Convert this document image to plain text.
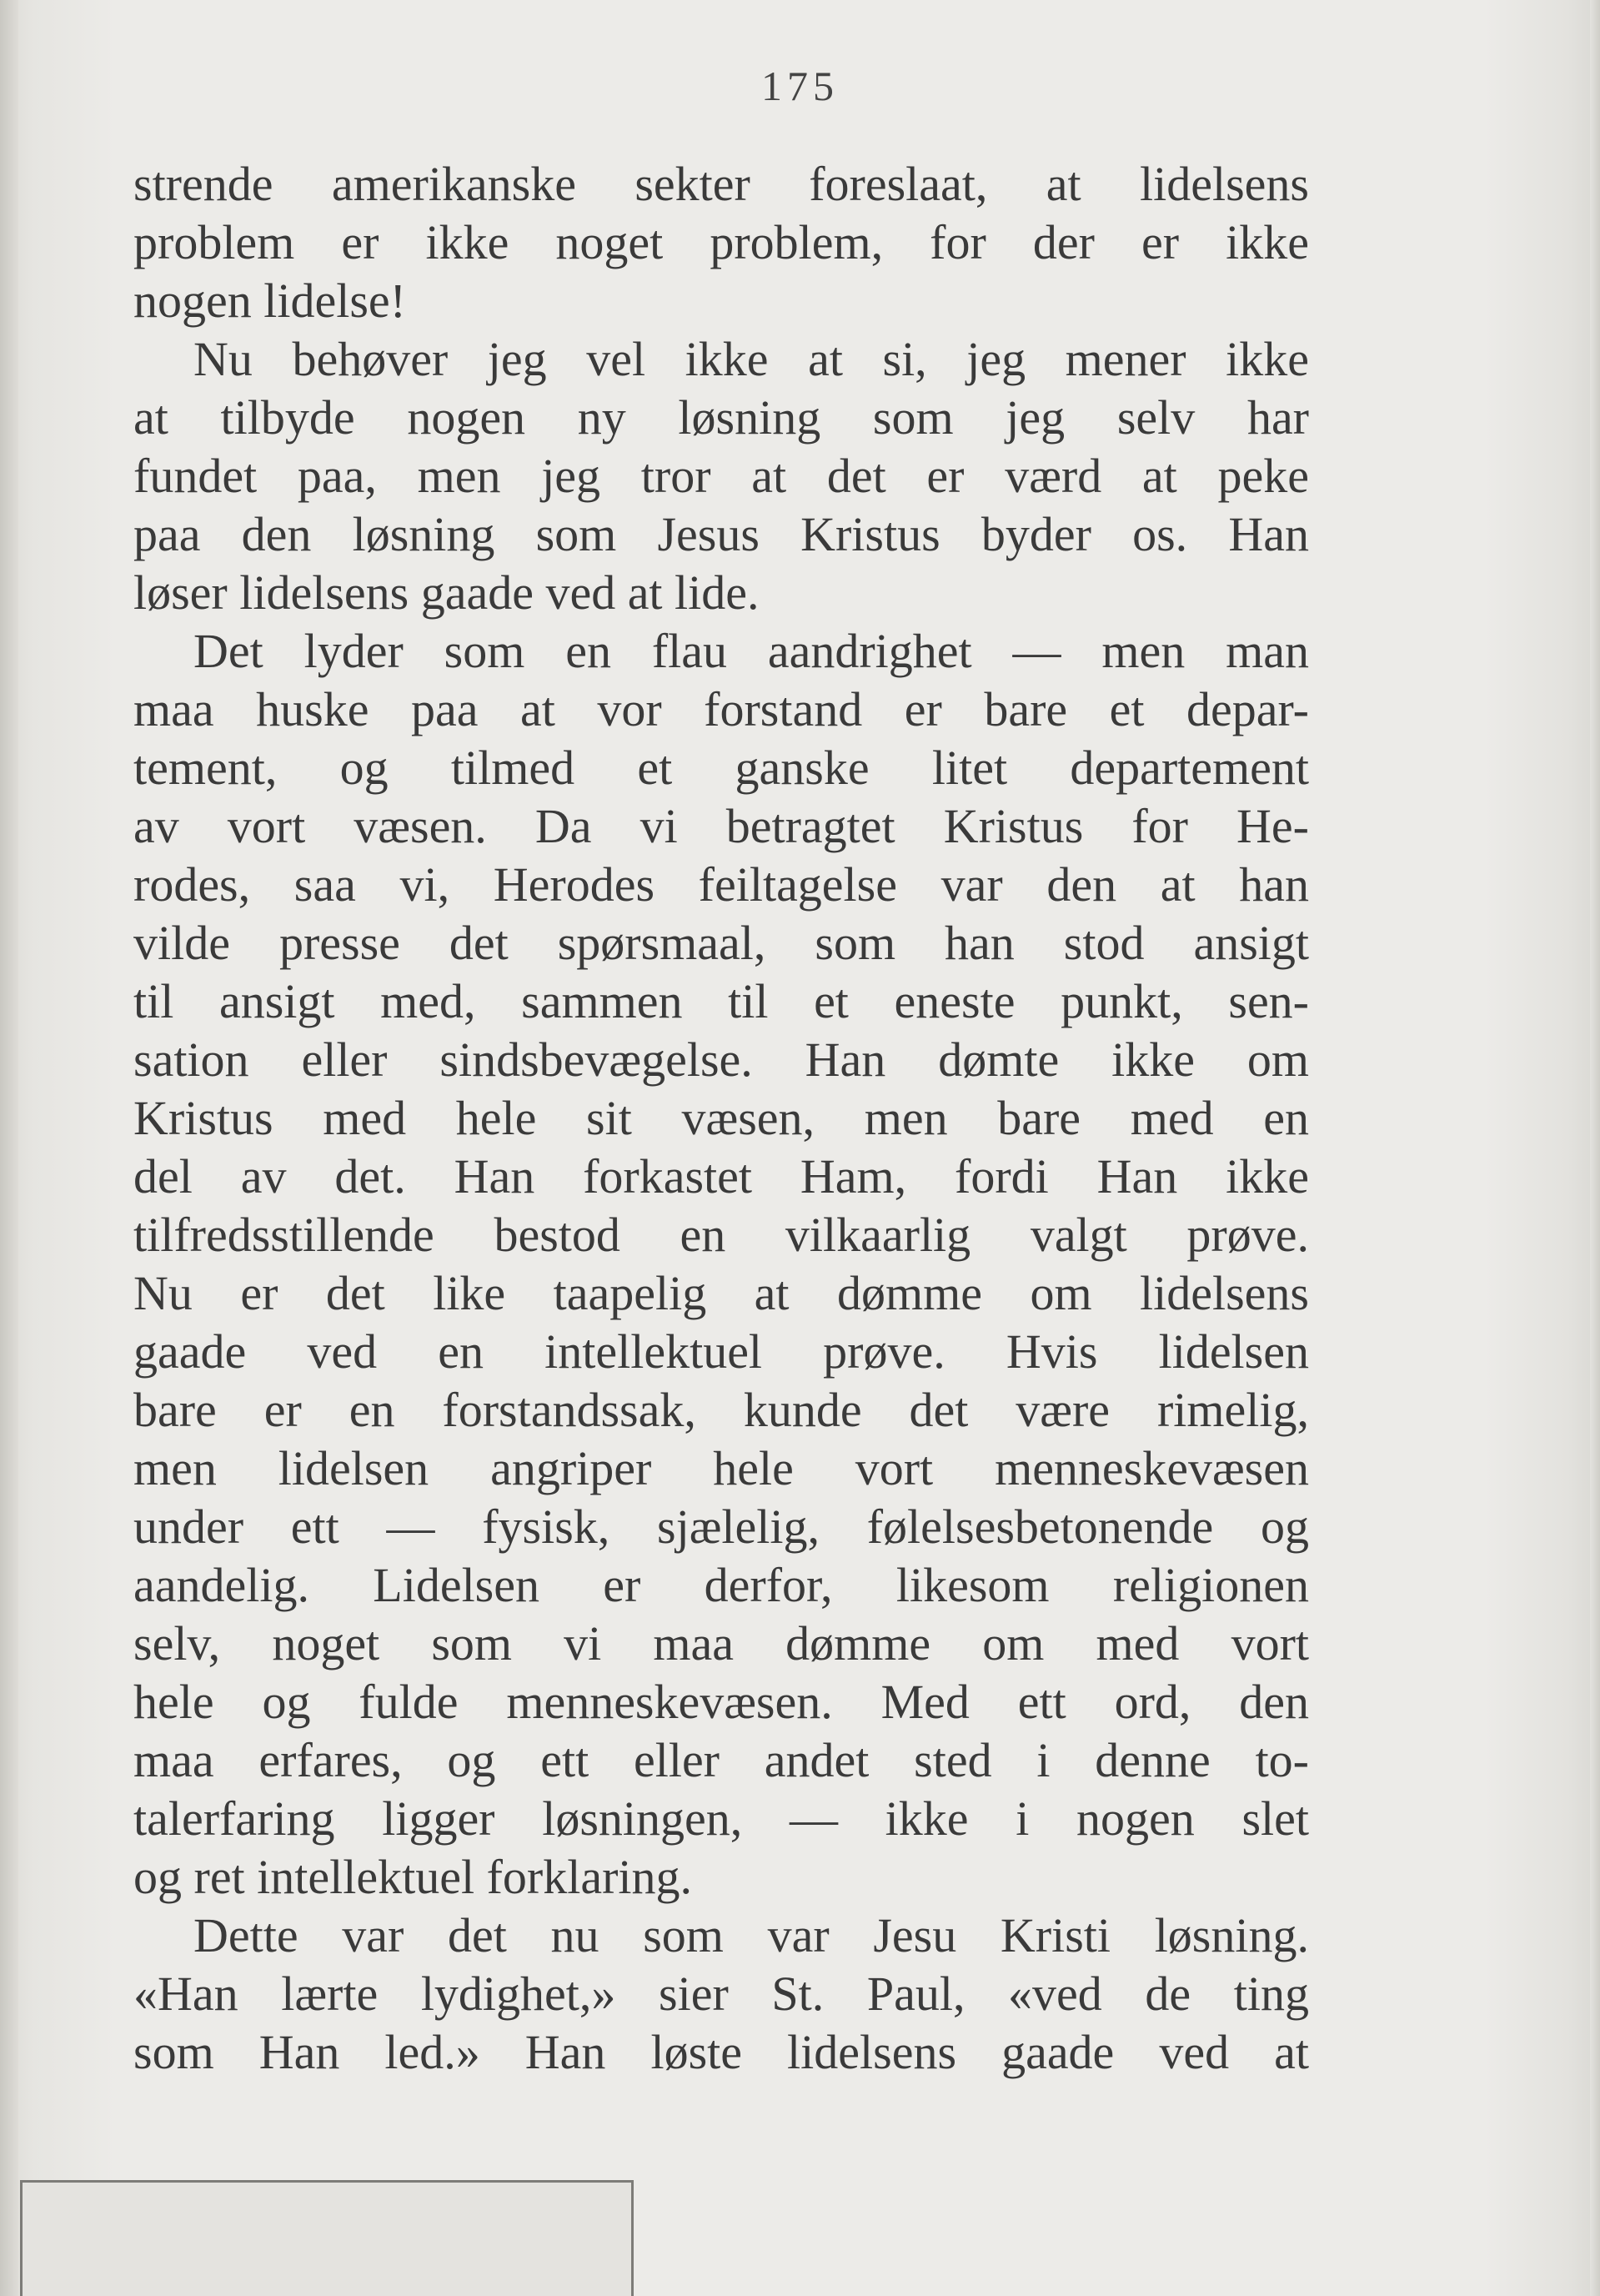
175
strende amerikanske sekter foreslaat, at lidelsens
problem er ikke noget problem, for der er ikke
nogen lidelse!
Nu behøver jeg vel ikke at si, jeg mener ikke
at tilbyde nogen ny løsning som jeg selv har
fundet paa, men jeg tror at det er værd at peke
paa den løsning som Jesus Kristus byder os. Han
løser lidelsens gaade ved at lide.
Det lyder som en flau aandrighet — men man
maa huske paa at vor forstand er bare et depar-
tement, og tilmed et ganske litet departement
av vort væsen. Da vi betragtet Kristus for He-
rodes, saa vi, Herodes feiltagelse var den at han
vilde presse det spørsmaal, som han stod ansigt
til ansigt med, sammen til et eneste punkt, sen-
sation eller sindsbevægelse. Han dømte ikke om
Kristus med hele sit væsen, men bare med en
del av det. Han forkastet Ham, fordi Han ikke
tilfredsstillende bestod en vilkaarlig valgt prøve.
Nu er det like taapelig at dømme om lidelsens
gaade ved en intellektuel prøve. Hvis lidelsen
bare er en forstandssak, kunde det være rimelig,
men lidelsen angriper hele vort menneskevæsen
under ett — fysisk, sjælelig, følelsesbetonende og
aandelig. Lidelsen er derfor, likesom religionen
selv, noget som vi maa dømme om med vort
hele og fulde menneskevæsen. Med ett ord, den
maa erfares, og ett eller andet sted i denne to-
talerfaring ligger løsningen, — ikke i nogen slet
og ret intellektuel forklaring.
Dette var det nu som var Jesu Kristi løsning.
«Han lærte lydighet,» sier St. Paul, «ved de ting
som Han led.» Han løste lidelsens gaade ved at
